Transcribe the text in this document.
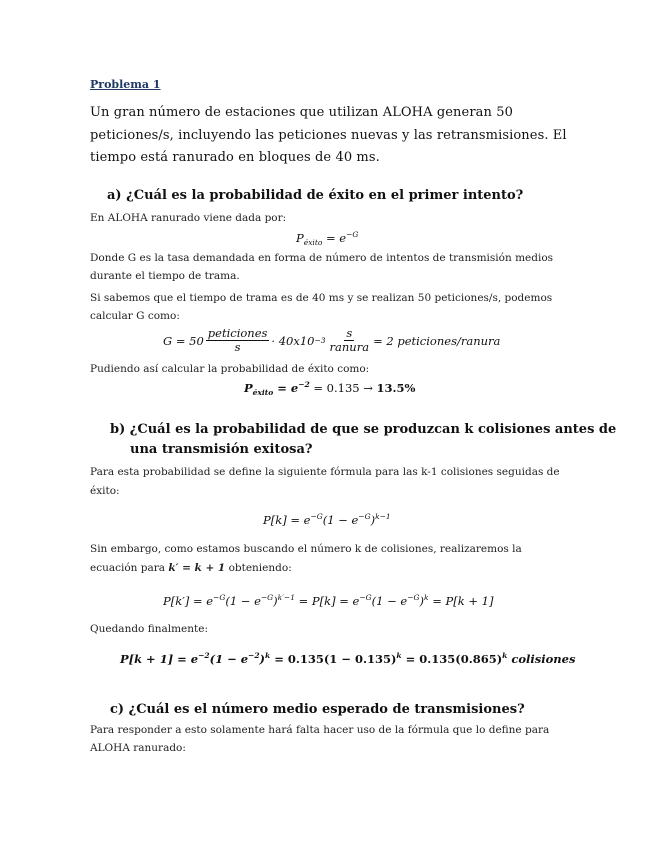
Problema 1
Un gran número de estaciones que utilizan ALOHA generan 50
peticiones/s, incluyendo las peticiones nuevas y las retransmisiones. El
tiempo está ranurado en bloques de 40 ms.
a) ¿Cuál es la probabilidad de éxito en el primer intento?
En ALOHA ranurado viene dada por:
$P_{éxito} = e^{-G}$
Donde G es la tasa demandada en forma de número de intentos de transmisión medios
durante el tiempo de trama.
Si sabemos que el tiempo de trama es de 40 ms y se realizan 50 peticiones/s, podemos
calcular G como:
$G = 50 \frac{\text{peticiones}}{s} \cdot 40x10 -3 \frac{s}{\text{ranura}} = 2$ peticiones/ranura
Pudiendo así calcular la probabilidad de éxito como:
$P_{éxito} = e^{-2} = 0.135 \to 13.5\%$
b) ¿Cuál es la probabilidad de que se produzcan k colisiones antes de
una transmisión exitosa?
Para esta probabilidad se define la siguiente fórmula para las k-1 colisiones seguidas de
éxito:
$P[k] = e^{-G}(1 - e^{-G})^{k-1}$
Sin embargo, como estamos buscando el número k de colisiones, realizaremos la
ecuación para k′ = k + 1 obteniendo:
$P[k'] = e^{-G}(1 - e^{-G})^{k'-1} = P[k] = e^{-G}(1 - e^{-G})^k = P[k + 1]$
Quedando finalmente:
$P[k + 1] = e^{-2}(1 - e^{-2})^k = 0.135(1 - 0.135)^k = 0.135(0.865)^k$ colisiones
c) ¿Cuál es el número medio esperado de transmisiones?
Para responder a esto solamente hará falta hacer uso de la fórmula que lo define para
ALOHA ranurado:
